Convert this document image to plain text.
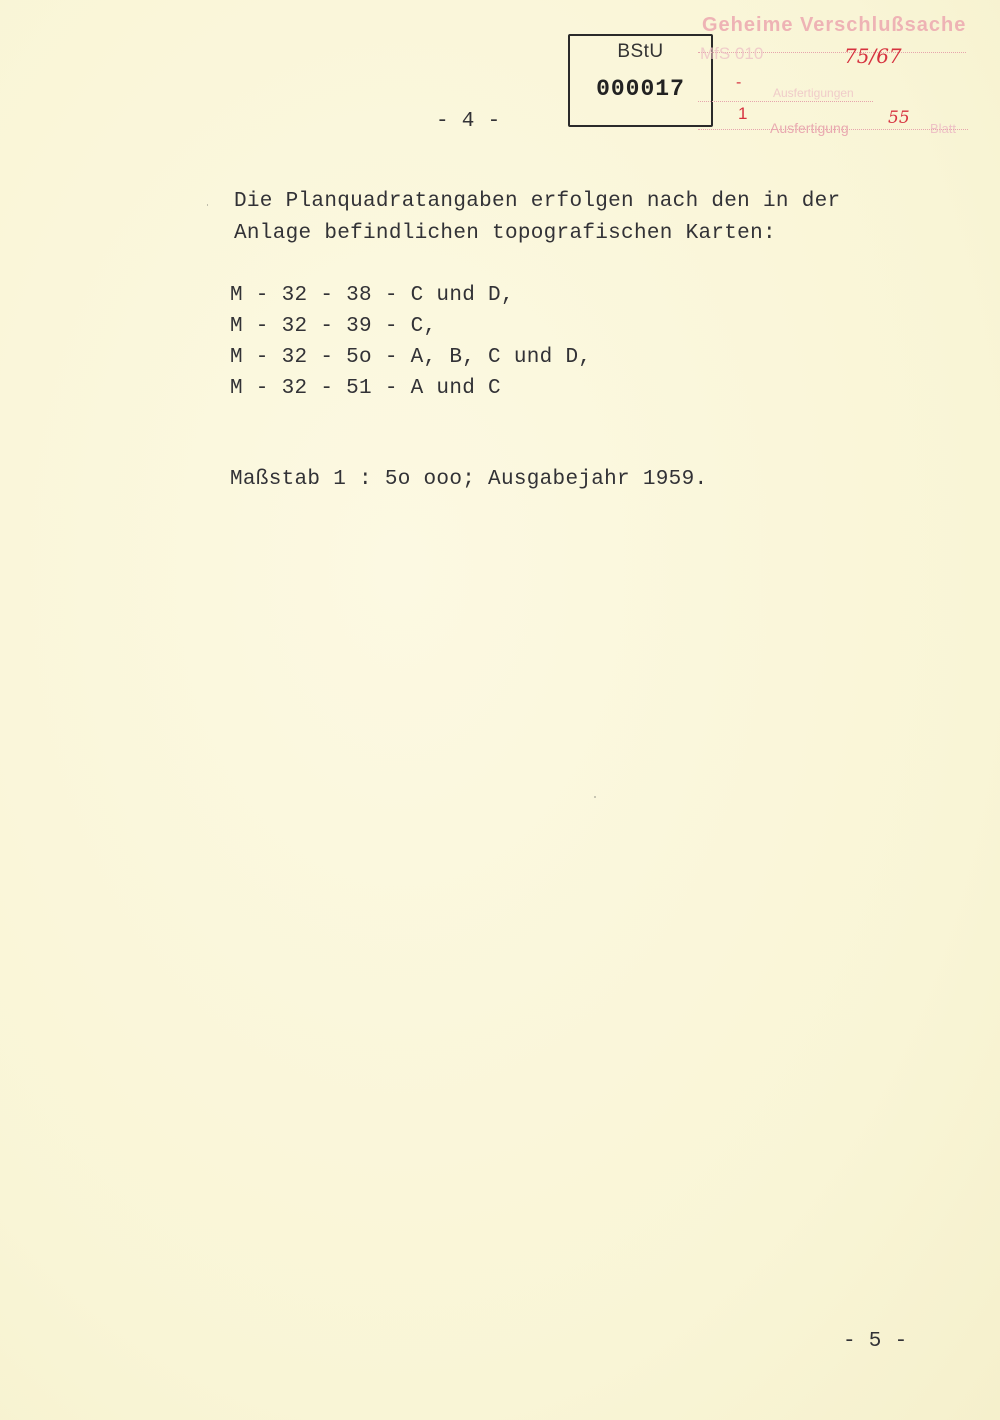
BStU
000017
Geheime Verschlußsache
MfS 010	75/67
-
Ausfertigungen
1
Ausfertigung 55
Blatt
- 4 -
Die Planquadratangaben erfolgen nach den in der
Anlage befindlichen topografischen Karten:
M - 32 - 38 - C und D,
M - 32 - 39 - C,
M - 32 - 5o - A, B, C und D,
M - 32 - 51 - A und C
Maßstab 1 : 5o ooo; Ausgabejahr 1959.
- 5 -
